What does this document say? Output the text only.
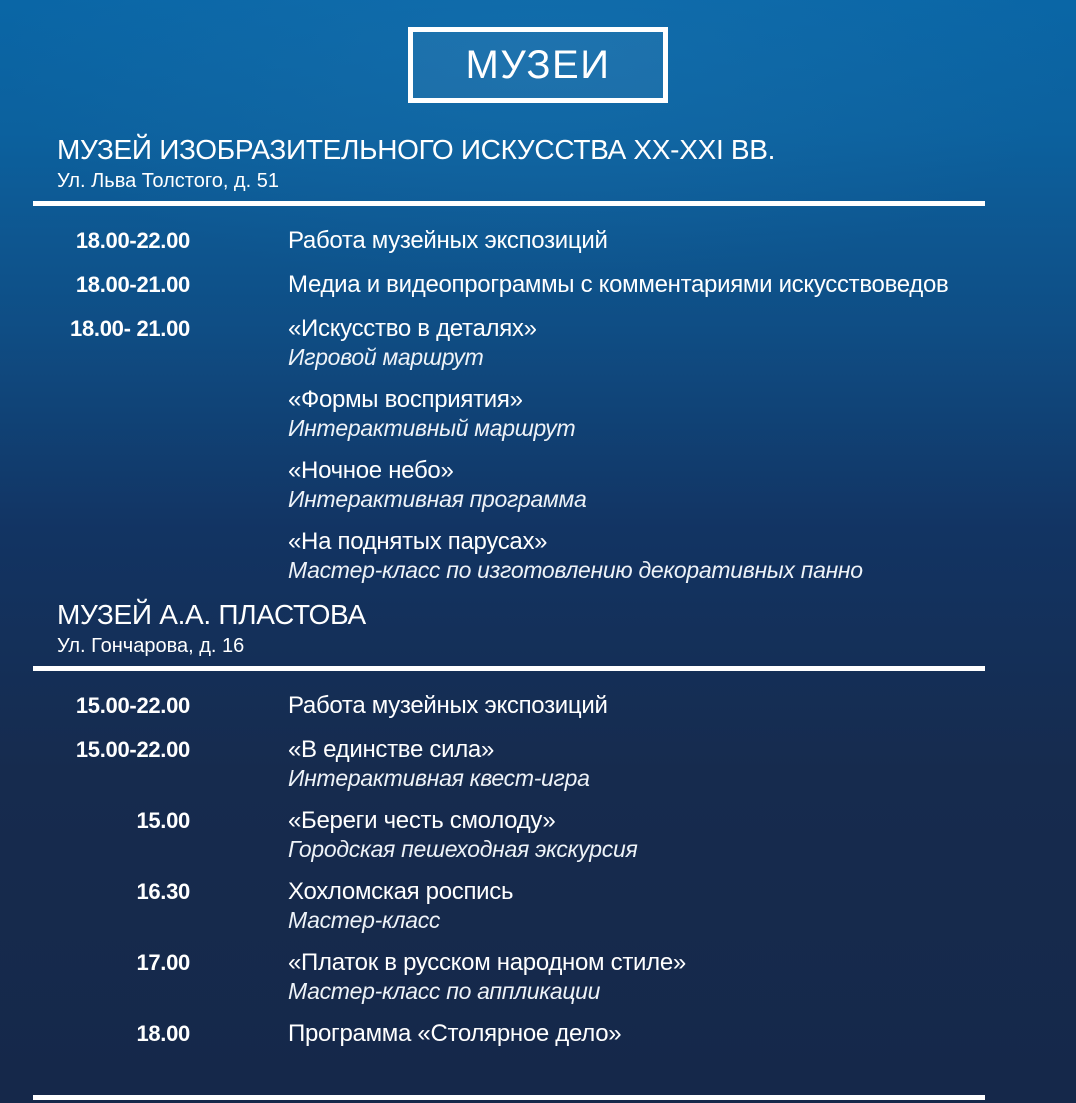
МУЗЕИ
МУЗЕЙ ИЗОБРАЗИТЕЛЬНОГО ИСКУССТВА XX-XXI ВВ.
Ул. Льва Толстого, д. 51
18.00-22.00	Работа музейных экспозиций
18.00-21.00	Медиа и видеопрограммы с комментариями искусствоведов
18.00- 21.00	«Искусство в деталях»
Игровой маршрут
«Формы восприятия»
Интерактивный маршрут
«Ночное небо»
Интерактивная программа
«На поднятых парусах»
Мастер-класс по изготовлению декоративных панно
МУЗЕЙ А.А. ПЛАСТОВА
Ул. Гончарова, д. 16
15.00-22.00	Работа музейных экспозиций
15.00-22.00	«В единстве сила»
Интерактивная квест-игра
15.00	«Береги честь смолоду»
Городская пешеходная экскурсия
16.30	Хохломская роспись
Мастер-класс
17.00	«Платок в русском народном стиле»
Мастер-класс по аппликации
18.00	Программа «Столярное дело»
